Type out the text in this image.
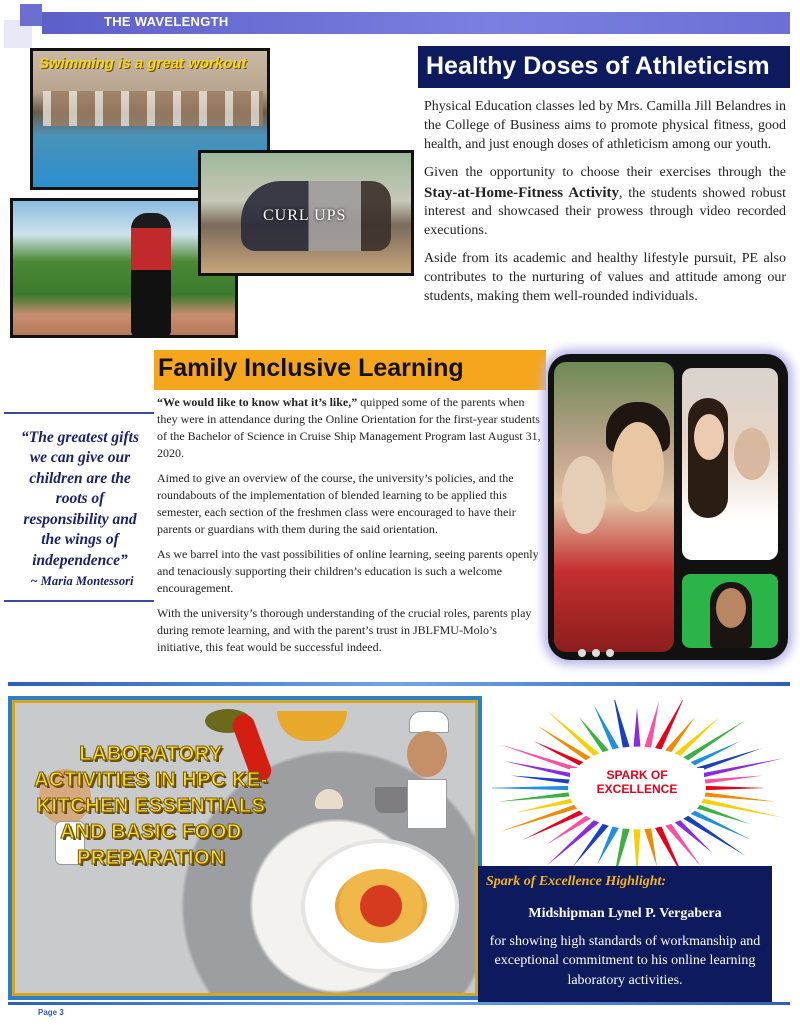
THE WAVELENGTH
Swimming is a great workout
CURL UPS
Healthy Doses of Athleticism

Physical Education classes led by Mrs. Camilla Jill Belandres in the College of Business aims to promote physical fitness, good health, and just enough doses of athleticism among our youth.

Given the opportunity to choose their exercises through the Stay-at-Home-Fitness Activity, the students showed robust interest and showcased their prowess through video recorded executions.

Aside from its academic and healthy lifestyle pursuit, PE also contributes to the nurturing of values and attitude among our students, making them well-rounded individuals.

Family Inclusive Learning

“We would like to know what it’s like,” quipped some of the parents when they were in attendance during the Online Orientation for the first-year students of the Bachelor of Science in Cruise Ship Management Program last August 31, 2020.

Aimed to give an overview of the course, the university’s policies, and the roundabouts of the implementation of blended learning to be applied this semester, each section of the freshmen class were encouraged to have their parents or guardians with them during the said orientation.

As we barrel into the vast possibilities of online learning, seeing parents openly and tenaciously supporting their children’s education is such a welcome encouragement.

With the university’s thorough understanding of the crucial roles, parents play during remote learning, and with the parent’s trust in JBLFMU-Molo’s initiative, this feat would be successful indeed.

“The greatest gifts we can give our children are the roots of responsibility and the wings of independence”
~ Maria Montessori
LABORATORY ACTIVITIES IN HPC KE-KITCHEN ESSENTIALS AND BASIC FOOD PREPARATION
SPARK OF EXCELLENCE
Spark of Excellence Highlight:
Midshipman Lynel P. Vergabera
for showing high standards of workmanship and exceptional commitment to his online learning laboratory activities.
Page 3
